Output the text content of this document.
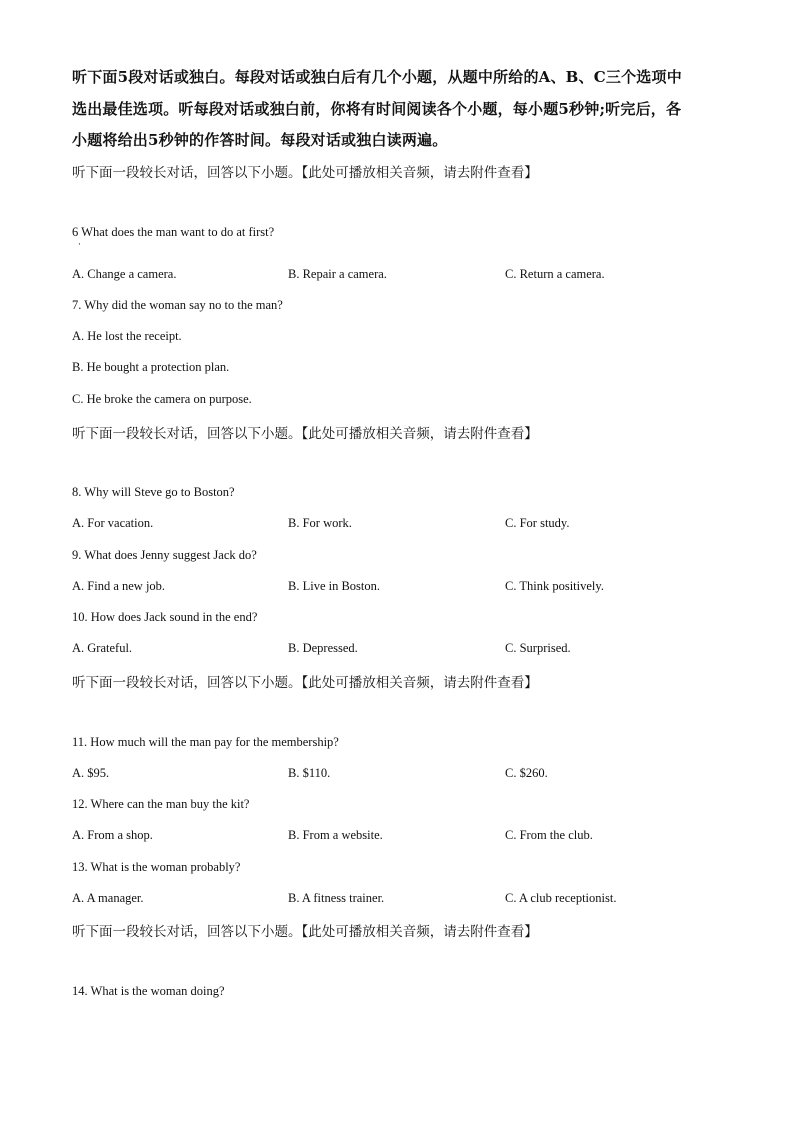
听下面5段对话或独白。每段对话或独白后有几个小题，从题中所给的A、B、C三个选项中
选出最佳选项。听每段对话或独白前，你将有时间阅读各个小题，每小题5秒钟;听完后，各
小题将给出5秒钟的作答时间。每段对话或独白读两遍。
听下面一段较长对话，回答以下小题。【此处可播放相关音频，请去附件查看】
6 What does the man want to do at first?
·
A. Change a camera.	B. Repair a camera.	C. Return a camera.
7. Why did the woman say no to the man?
A. He lost the receipt.
B. He bought a protection plan.
C. He broke the camera on purpose.
听下面一段较长对话，回答以下小题。【此处可播放相关音频，请去附件查看】
8. Why will Steve go to Boston?
A. For vacation.	B. For work.	C. For study.
9. What does Jenny suggest Jack do?
A. Find a new job.	B. Live in Boston.	C. Think positively.
10. How does Jack sound in the end?
A. Grateful.	B. Depressed.	C. Surprised.
听下面一段较长对话，回答以下小题。【此处可播放相关音频，请去附件查看】
11. How much will the man pay for the membership?
A. $95.	B. $110.	C. $260.
12. Where can the man buy the kit?
A. From a shop.	B. From a website.	C. From the club.
13. What is the woman probably?
A. A manager.	B. A fitness trainer.	C. A club receptionist.
听下面一段较长对话，回答以下小题。【此处可播放相关音频，请去附件查看】
14. What is the woman doing?
